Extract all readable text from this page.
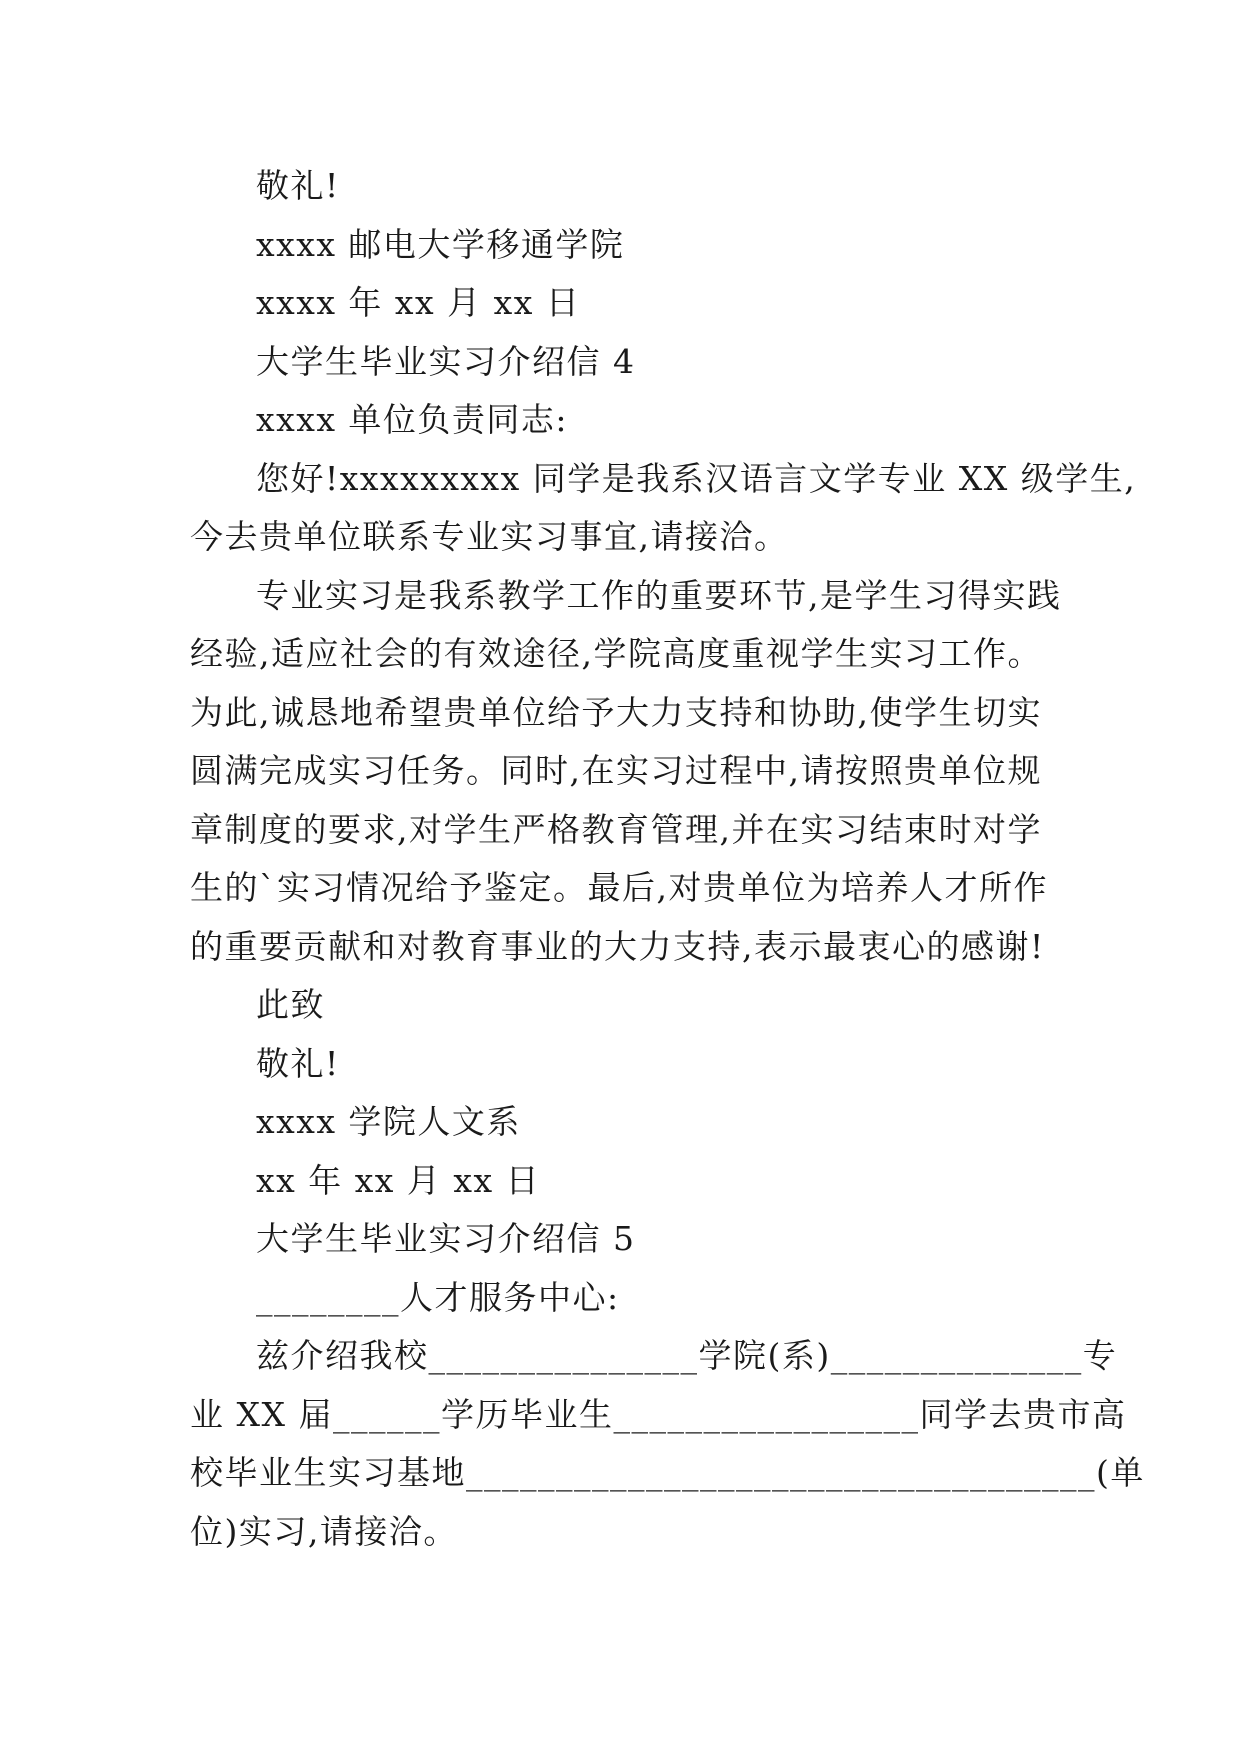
敬礼!
xxxx 邮电大学移通学院
xxxx 年 xx 月 xx 日
大学生毕业实习介绍信 4
xxxx 单位负责同志:
您好!xxxxxxxxx 同学是我系汉语言文学专业 XX 级学生,
今去贵单位联系专业实习事宜,请接洽。
专业实习是我系教学工作的重要环节,是学生习得实践
经验,适应社会的有效途径,学院高度重视学生实习工作。
为此,诚恳地希望贵单位给予大力支持和协助,使学生切实
圆满完成实习任务。同时,在实习过程中,请按照贵单位规
章制度的要求,对学生严格教育管理,并在实习结束时对学
生的`实习情况给予鉴定。最后,对贵单位为培养人才所作
的重要贡献和对教育事业的大力支持,表示最衷心的感谢!
此致
敬礼!
xxxx 学院人文系
xx 年 xx 月 xx 日
大学生毕业实习介绍信 5
________人才服务中心:
兹介绍我校_______________学院(系)______________专
业 XX 届______学历毕业生_________________同学去贵市高
校毕业生实习基地___________________________________(单
位)实习,请接洽。
